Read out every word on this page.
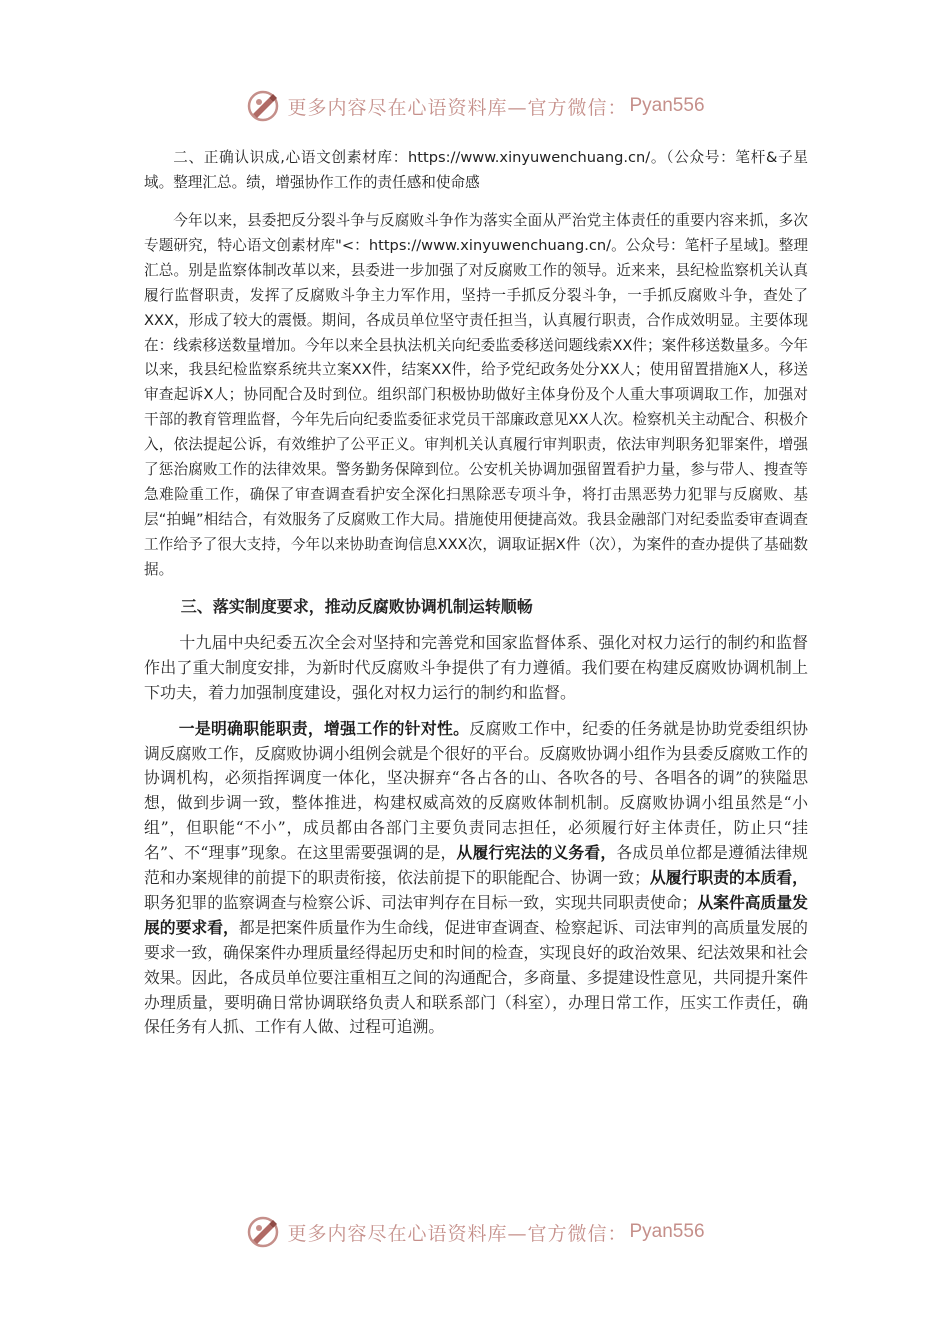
更多内容尽在心语资料库—官方微信： Pyan556

二、正确认识成,心语文创素材库：https://www.xinyuwenchuang.cn/。（公众号：笔杆&子星域。整理汇总。绩，增强协作工作的责任感和使命感

今年以来，县委把反分裂斗争与反腐败斗争作为落实全面从严治党主体责任的重要内容来抓，多次专题研究，特心语文创素材库"<：https://www.xinyuwenchuang.cn/。公众号：笔杆子星域]。整理汇总。别是监察体制改革以来，县委进一步加强了对反腐败工作的领导。近来来，县纪检监察机关认真履行监督职责，发挥了反腐败斗争主力军作用，坚持一手抓反分裂斗争，一手抓反腐败斗争，查处了XXX，形成了较大的震慑。期间，各成员单位坚守责任担当，认真履行职责，合作成效明显。主要体现在：线索移送数量增加。今年以来全县执法机关向纪委监委移送问题线索XX件；案件移送数量多。今年以来，我县纪检监察系统共立案XX件，结案XX件，给予党纪政务处分XX人；使用留置措施X人，移送审查起诉X人；协同配合及时到位。组织部门积极协助做好主体身份及个人重大事项调取工作，加强对干部的教育管理监督，今年先后向纪委监委征求党员干部廉政意见XX人次。检察机关主动配合、积极介入，依法提起公诉，有效维护了公平正义。审判机关认真履行审判职责，依法审判职务犯罪案件，增强了惩治腐败工作的法律效果。警务勤务保障到位。公安机关协调加强留置看护力量，参与带人、搜查等急难险重工作，确保了审查调查看护安全深化扫黑除恶专项斗争，将打击黑恶势力犯罪与反腐败、基层“拍蝇”相结合，有效服务了反腐败工作大局。措施使用便捷高效。我县金融部门对纪委监委审查调查工作给予了很大支持，今年以来协助查询信息XXX次，调取证据X件（次），为案件的查办提供了基础数据。

三、落实制度要求，推动反腐败协调机制运转顺畅

十九届中央纪委五次全会对坚持和完善党和国家监督体系、强化对权力运行的制约和监督作出了重大制度安排，为新时代反腐败斗争提供了有力遵循。我们要在构建反腐败协调机制上下功夫，着力加强制度建设，强化对权力运行的制约和监督。

一是明确职能职责，增强工作的针对性。反腐败工作中，纪委的任务就是协助党委组织协调反腐败工作，反腐败协调小组例会就是个很好的平台。反腐败协调小组作为县委反腐败工作的协调机构，必须指挥调度一体化，坚决摒弃“各占各的山、各吹各的号、各唱各的调”的狭隘思想，做到步调一致，整体推进，构建权威高效的反腐败体制机制。反腐败协调小组虽然是“小组”，但职能“不小”，成员都由各部门主要负责同志担任，必须履行好主体责任，防止只“挂名”、不“理事”现象。在这里需要强调的是，从履行宪法的义务看，各成员单位都是遵循法律规范和办案规律的前提下的职责衔接，依法前提下的职能配合、协调一致；从履行职责的本质看，职务犯罪的监察调查与检察公诉、司法审判存在目标一致，实现共同职责使命；从案件高质量发展的要求看，都是把案件质量作为生命线，促进审查调查、检察起诉、司法审判的高质量发展的要求一致，确保案件办理质量经得起历史和时间的检查，实现良好的政治效果、纪法效果和社会效果。因此，各成员单位要注重相互之间的沟通配合，多商量、多提建设性意见，共同提升案件办理质量，要明确日常协调联络负责人和联系部门（科室），办理日常工作，压实工作责任，确保任务有人抓、工作有人做、过程可追溯。

更多内容尽在心语资料库—官方微信： Pyan556
